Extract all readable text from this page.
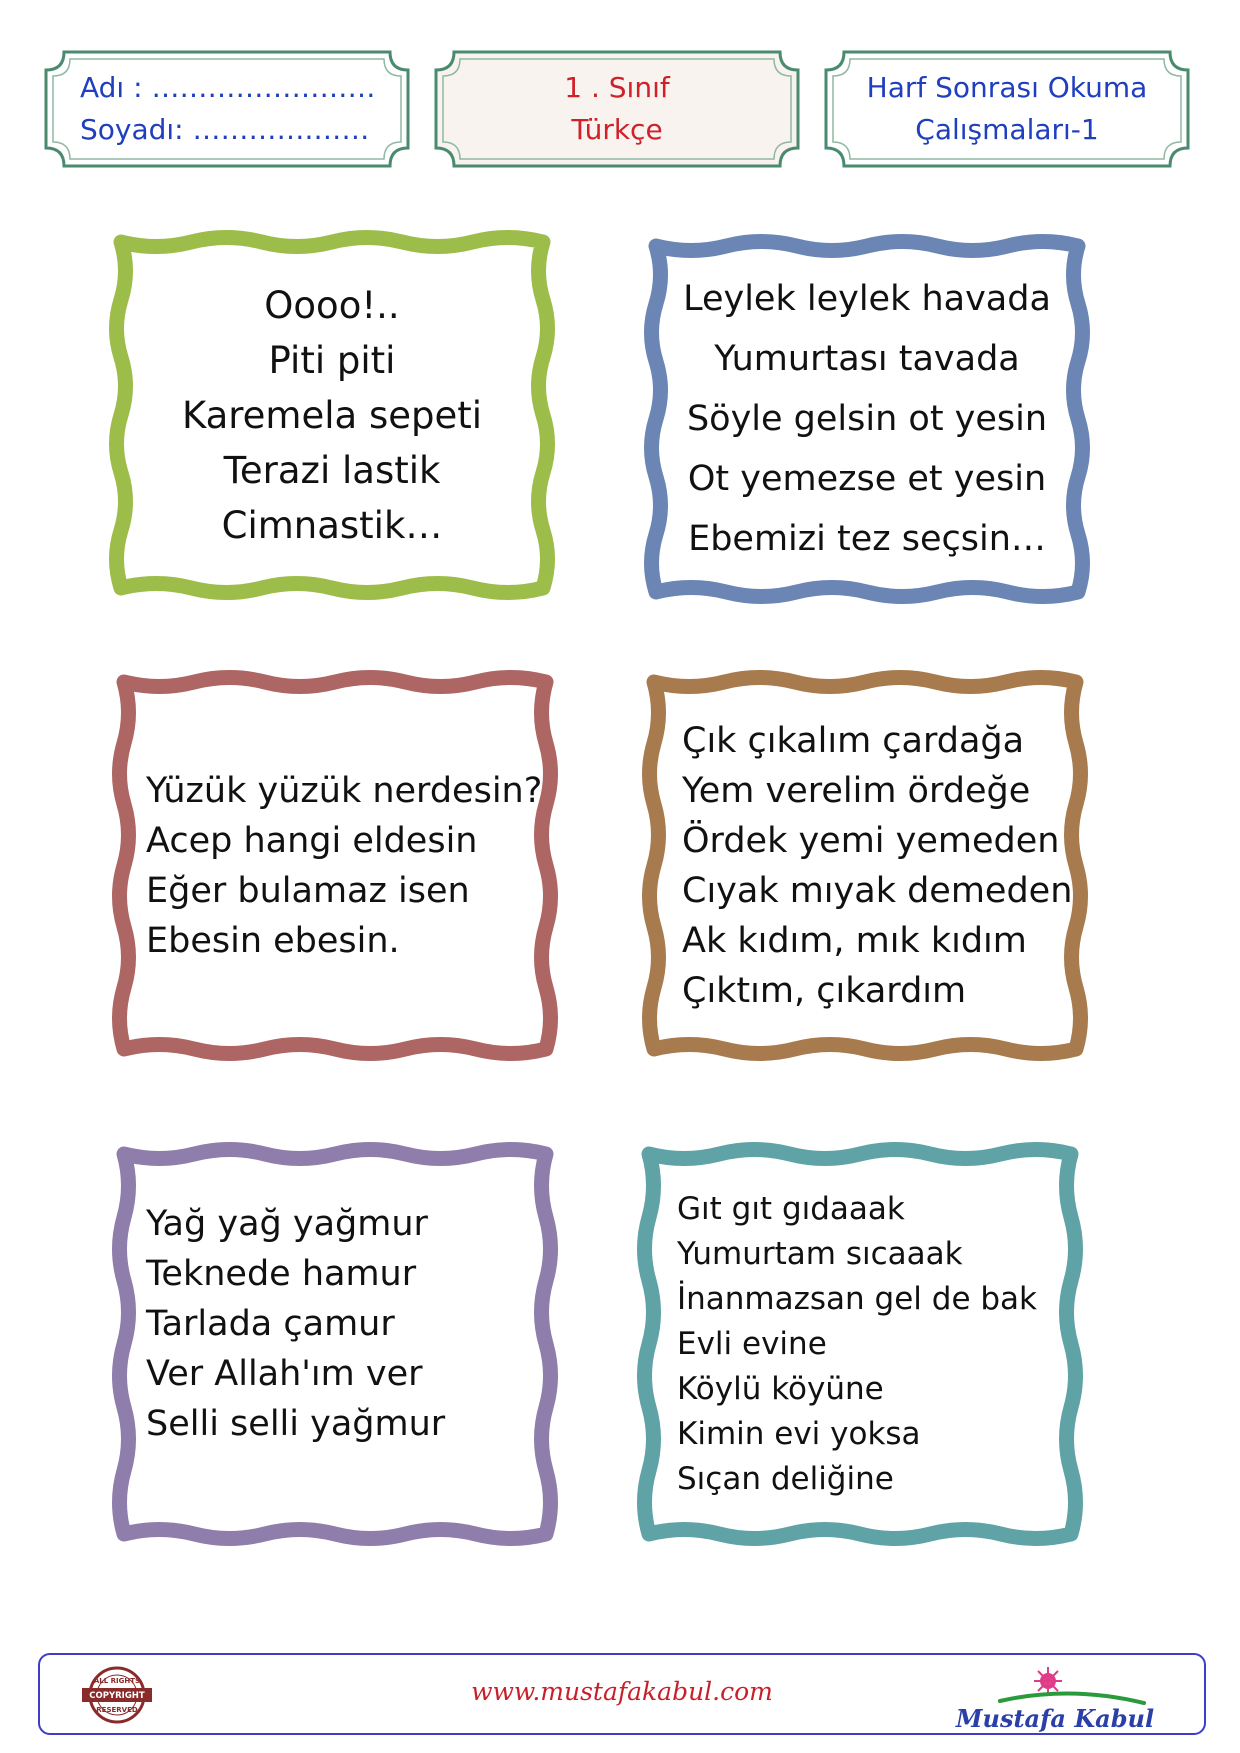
Adı : ……………………
Soyadı: ………….……
1 . Sınıf
Türkçe
Harf Sonrası Okuma
Çalışmaları-1
Oooo!..
Piti piti
Karemela sepeti
Terazi lastik
Cimnastik…
Leylek leylek havada
Yumurtası tavada
Söyle gelsin ot yesin
Ot yemezse et yesin
Ebemizi tez seçsin…
Yüzük yüzük nerdesin?
Acep hangi eldesin
Eğer bulamaz isen
Ebesin ebesin.
Çık çıkalım çardağa
Yem verelim ördeğe
Ördek yemi yemeden
Cıyak mıyak demeden
Ak kıdım, mık kıdım
Çıktım, çıkardım
Yağ yağ yağmur
Teknede hamur
Tarlada çamur
Ver Allah'ım ver
Selli selli yağmur
Gıt gıt gıdaaak
Yumurtam sıcaaak
İnanmazsan gel de bak
Evli evine
Köylü köyüne
Kimin evi yoksa
Sıçan deliğine
ALL RIGHTS
COPYRIGHT
RESERVED
www.mustafakabul.com
Mustafa Kabul
